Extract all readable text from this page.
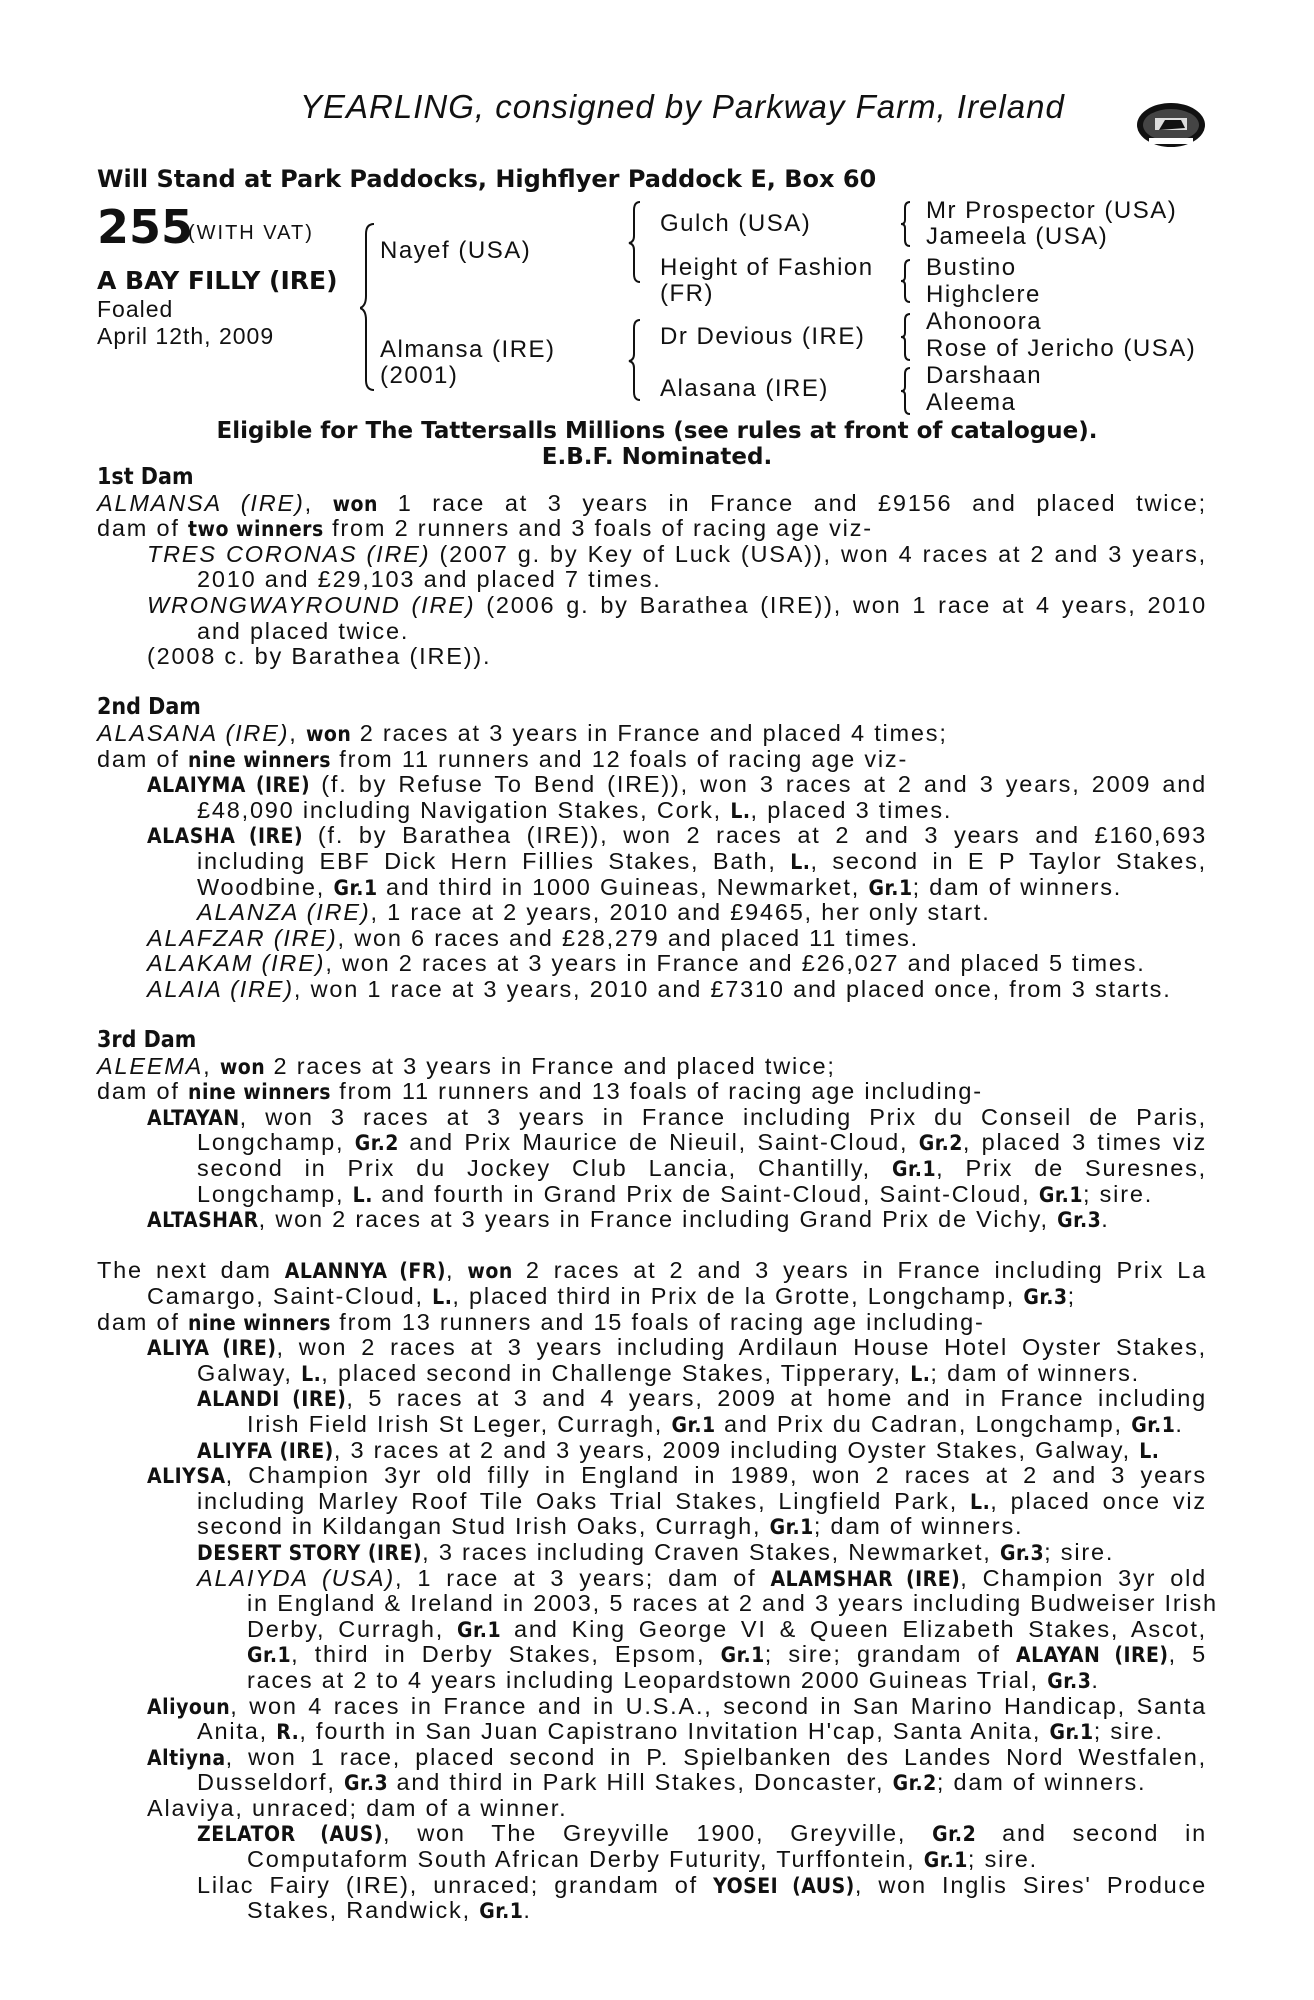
YEARLING, consigned by Parkway Farm, Ireland
Will Stand at Park Paddocks, Highflyer Paddock E, Box 60
255
(WITH VAT)
A BAY FILLY (IRE)
Foaled
April 12th, 2009
Nayef (USA)
Almansa (IRE)
(2001)
Gulch (USA)
Height of Fashion
(FR)
Dr Devious (IRE)
Alasana (IRE)
Mr Prospector (USA)
Jameela (USA)
Bustino
Highclere
Ahonoora
Rose of Jericho (USA)
Darshaan
Aleema
Eligible for The Tattersalls Millions (see rules at front of catalogue).
E.B.F. Nominated.
1st Dam
ALMANSA (IRE), won 1 race at 3 years in France and £9156 and placed twice;
dam of two winners from 2 runners and 3 foals of racing age viz-
TRES CORONAS (IRE) (2007 g. by Key of Luck (USA)), won 4 races at 2 and 3 years,
2010 and £29,103 and placed 7 times.
WRONGWAYROUND (IRE) (2006 g. by Barathea (IRE)), won 1 race at 4 years, 2010
and placed twice.
(2008 c. by Barathea (IRE)).
2nd Dam
ALASANA (IRE), won 2 races at 3 years in France and placed 4 times;
dam of nine winners from 11 runners and 12 foals of racing age viz-
ALAIYMA (IRE) (f. by Refuse To Bend (IRE)), won 3 races at 2 and 3 years, 2009 and
£48,090 including Navigation Stakes, Cork, L., placed 3 times.
ALASHA (IRE) (f. by Barathea (IRE)), won 2 races at 2 and 3 years and £160,693
including EBF Dick Hern Fillies Stakes, Bath, L., second in E P Taylor Stakes,
Woodbine, Gr.1 and third in 1000 Guineas, Newmarket, Gr.1; dam of winners.
ALANZA (IRE), 1 race at 2 years, 2010 and £9465, her only start.
ALAFZAR (IRE), won 6 races and £28,279 and placed 11 times.
ALAKAM (IRE), won 2 races at 3 years in France and £26,027 and placed 5 times.
ALAIA (IRE), won 1 race at 3 years, 2010 and £7310 and placed once, from 3 starts.
3rd Dam
ALEEMA, won 2 races at 3 years in France and placed twice;
dam of nine winners from 11 runners and 13 foals of racing age including-
ALTAYAN, won 3 races at 3 years in France including Prix du Conseil de Paris,
Longchamp, Gr.2 and Prix Maurice de Nieuil, Saint-Cloud, Gr.2, placed 3 times viz
second in Prix du Jockey Club Lancia, Chantilly, Gr.1, Prix de Suresnes,
Longchamp, L. and fourth in Grand Prix de Saint-Cloud, Saint-Cloud, Gr.1; sire.
ALTASHAR, won 2 races at 3 years in France including Grand Prix de Vichy, Gr.3.
The next dam ALANNYA (FR), won 2 races at 2 and 3 years in France including Prix La
Camargo, Saint-Cloud, L., placed third in Prix de la Grotte, Longchamp, Gr.3;
dam of nine winners from 13 runners and 15 foals of racing age including-
ALIYA (IRE), won 2 races at 3 years including Ardilaun House Hotel Oyster Stakes,
Galway, L., placed second in Challenge Stakes, Tipperary, L.; dam of winners.
ALANDI (IRE), 5 races at 3 and 4 years, 2009 at home and in France including
Irish Field Irish St Leger, Curragh, Gr.1 and Prix du Cadran, Longchamp, Gr.1.
ALIYFA (IRE), 3 races at 2 and 3 years, 2009 including Oyster Stakes, Galway, L.
ALIYSA, Champion 3yr old filly in England in 1989, won 2 races at 2 and 3 years
including Marley Roof Tile Oaks Trial Stakes, Lingfield Park, L., placed once viz
second in Kildangan Stud Irish Oaks, Curragh, Gr.1; dam of winners.
DESERT STORY (IRE), 3 races including Craven Stakes, Newmarket, Gr.3; sire.
ALAIYDA (USA), 1 race at 3 years; dam of ALAMSHAR (IRE), Champion 3yr old
in England & Ireland in 2003, 5 races at 2 and 3 years including Budweiser Irish
Derby, Curragh, Gr.1 and King George VI & Queen Elizabeth Stakes, Ascot,
Gr.1, third in Derby Stakes, Epsom, Gr.1; sire; grandam of ALAYAN (IRE), 5
races at 2 to 4 years including Leopardstown 2000 Guineas Trial, Gr.3.
Aliyoun, won 4 races in France and in U.S.A., second in San Marino Handicap, Santa
Anita, R., fourth in San Juan Capistrano Invitation H'cap, Santa Anita, Gr.1; sire.
Altiyna, won 1 race, placed second in P. Spielbanken des Landes Nord Westfalen,
Dusseldorf, Gr.3 and third in Park Hill Stakes, Doncaster, Gr.2; dam of winners.
Alaviya, unraced; dam of a winner.
ZELATOR (AUS), won The Greyville 1900, Greyville, Gr.2 and second in
Computaform South African Derby Futurity, Turffontein, Gr.1; sire.
Lilac Fairy (IRE), unraced; grandam of YOSEI (AUS), won Inglis Sires' Produce
Stakes, Randwick, Gr.1.
